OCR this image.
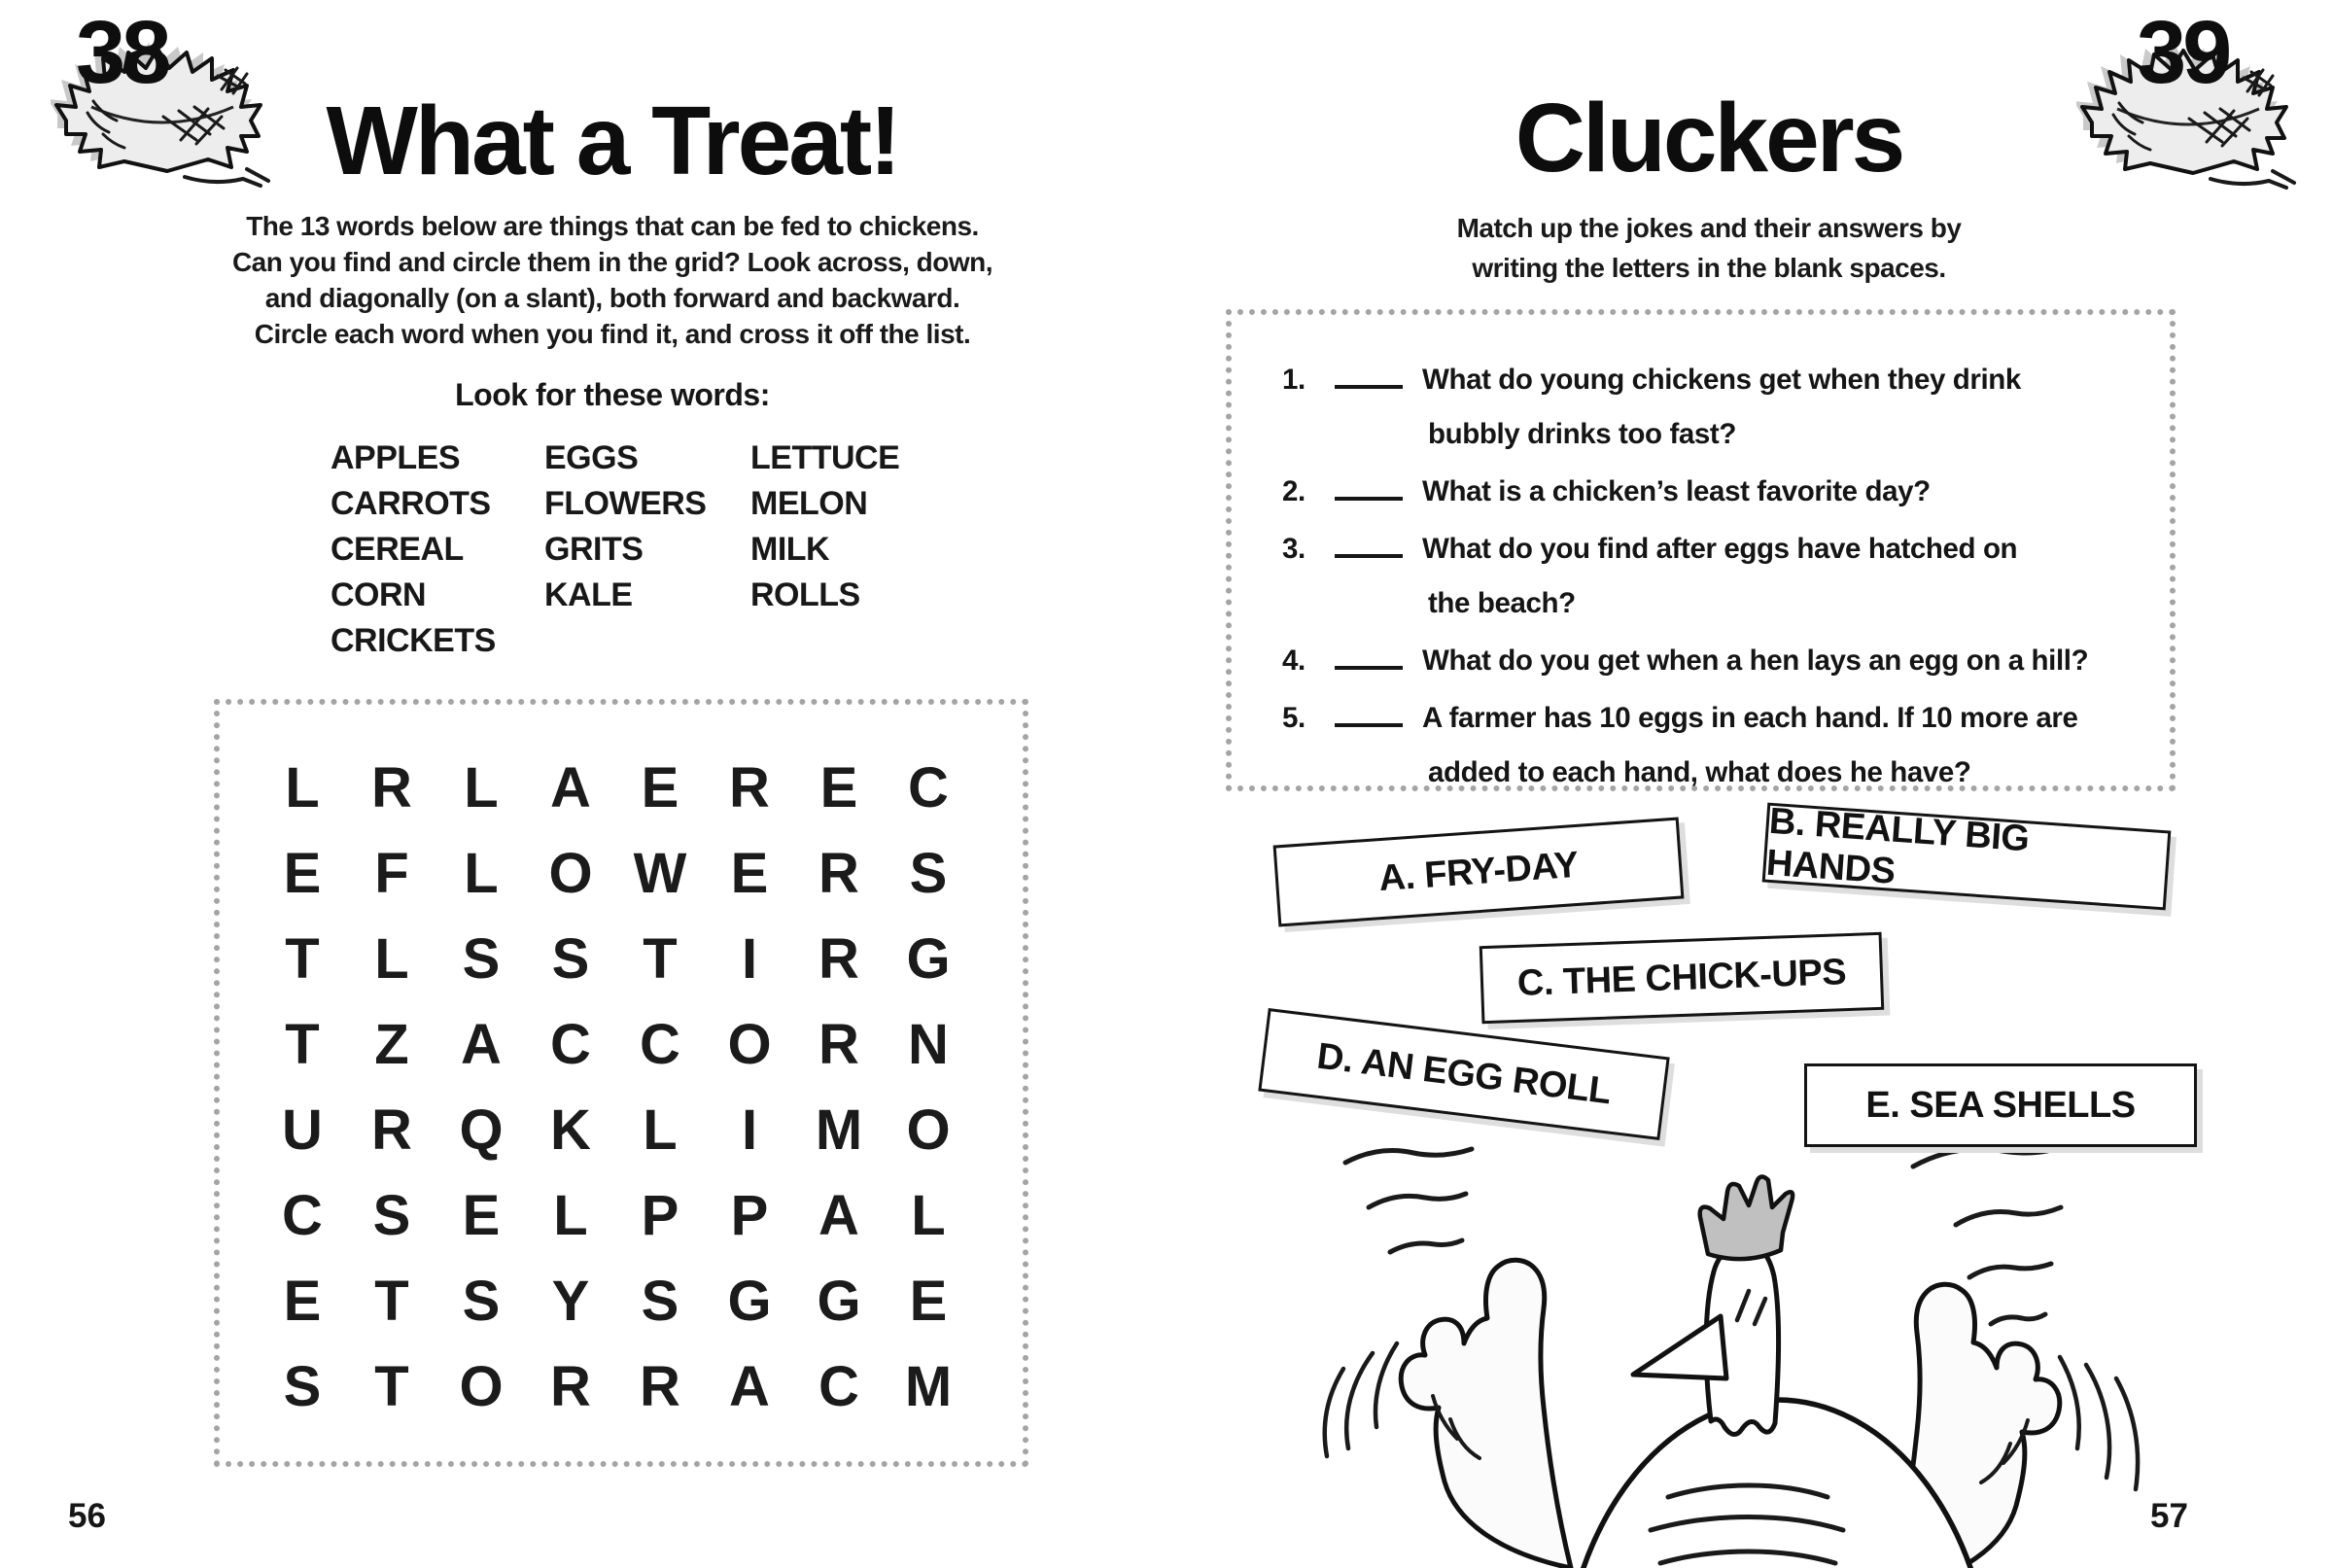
38
What a Treat!
The 13 words below are things that can be fed to chickens.
Can you find and circle them in the grid? Look across, down,
and diagonally (on a slant), both forward and backward.
Circle each word when you find it, and cross it off the list.
Look for these words:
APPLES
CARROTS
CEREAL
CORN
CRICKETS
EGGS
FLOWERS
GRITS
KALE
LETTUCE
MELON
MILK
ROLLS
L R L A E R E C
E F L O W E R S
T L S S T	I	R G
T Z A C C O R N
U R Q K L	I	M O
C S E L P P A L
E T S Y S G G E
S T O R R A C M
56
39
Cluckers
Match up the jokes and their answers by
writing the letters in the blank spaces.
1.	What do young chickens get when they drink
bubbly drinks too fast?
2.	What is a chicken’s least favorite day?
3.	What do you find after eggs have hatched on
the beach?
4.	What do you get when a hen lays an egg on a hill?
5.	A farmer has 10 eggs in each hand. If 10 more are
added to each hand, what does he have?
A. FRY-DAY
B. REALLY BIG HANDS
C. THE CHICK-UPS
D. AN EGG ROLL	E. SEA SHELLS
57
